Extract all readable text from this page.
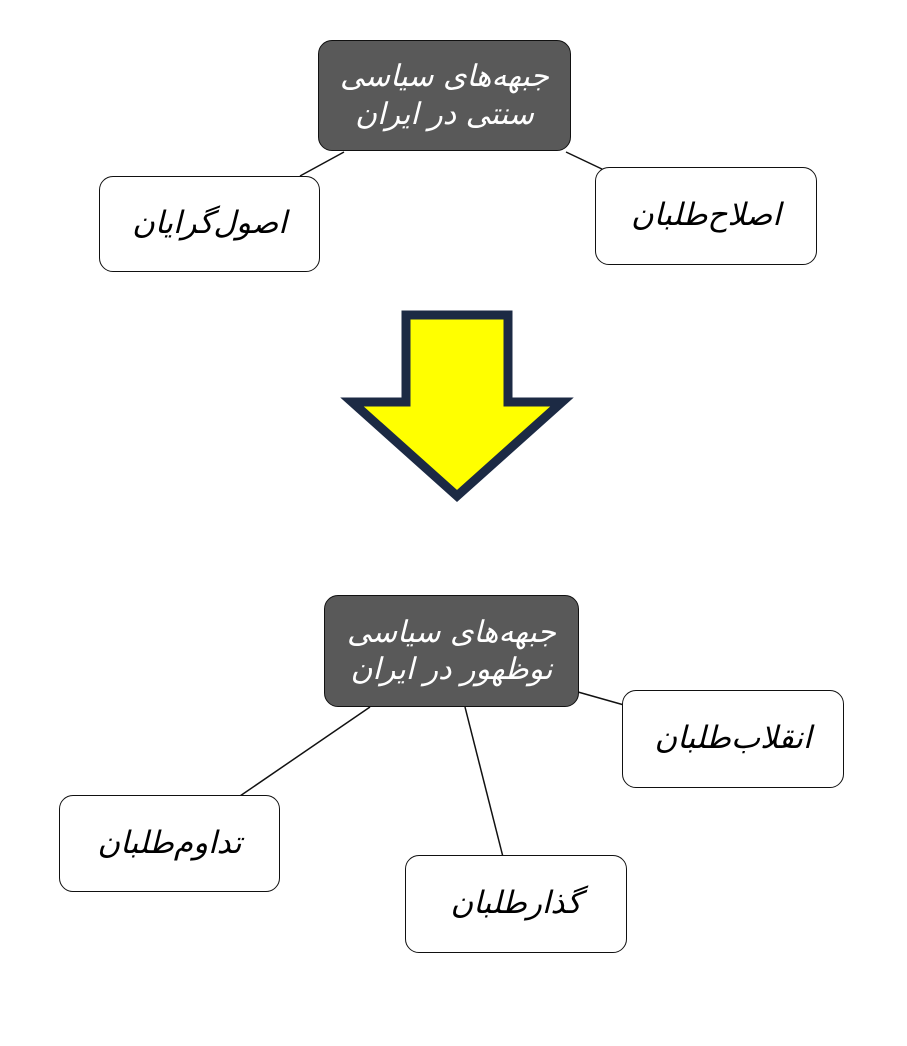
جبهه‌های سیاسی
سنتی در ایران
اصول‌گرایان	اصلاح‌طلبان
جبهه‌های سیاسی
نوظهور در ایران
انقلاب‌طلبان
تداوم‌طلبان
گذارطلبان
